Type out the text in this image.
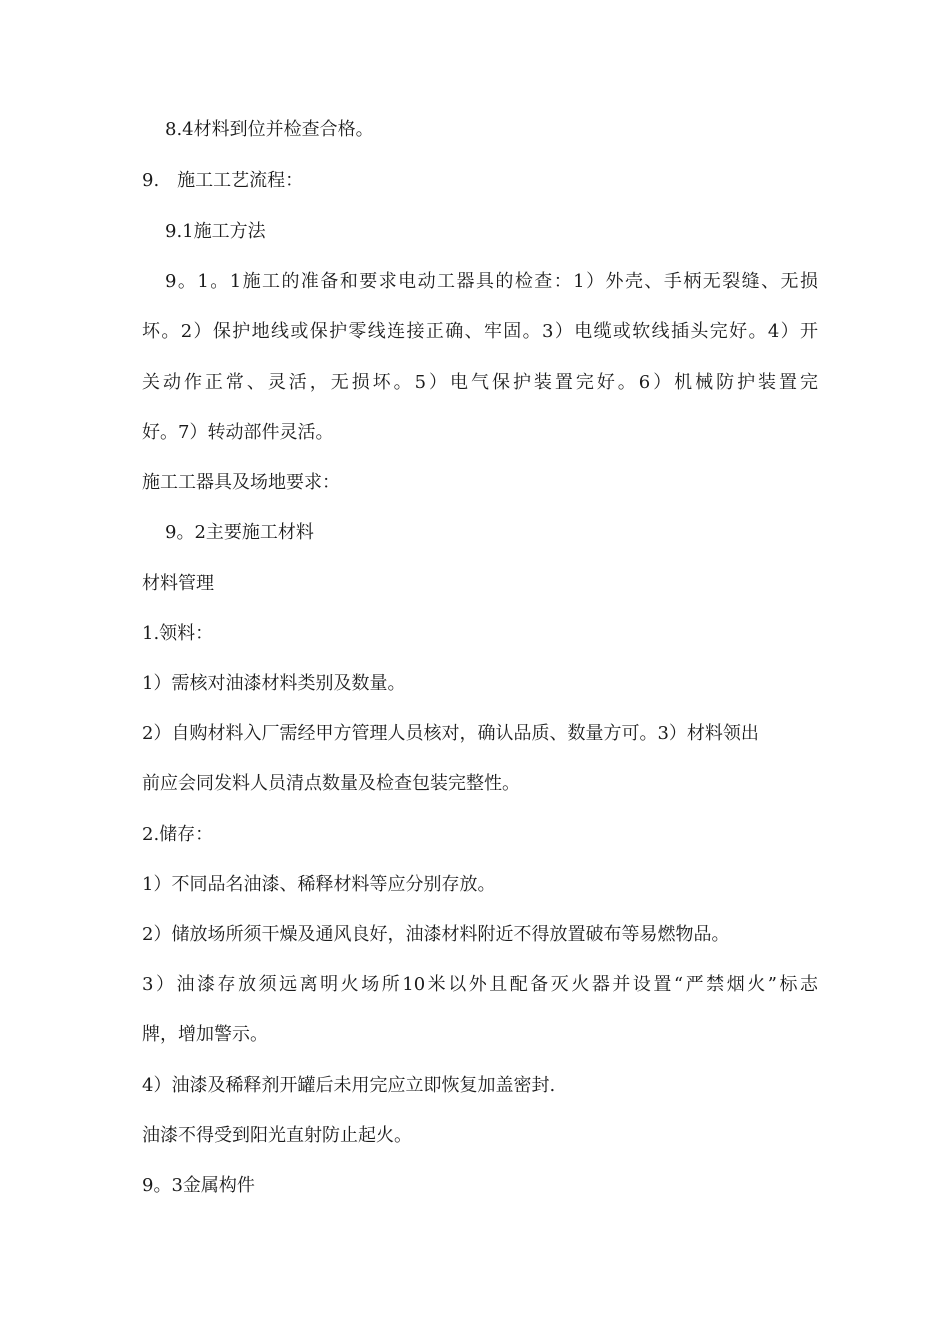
8.4材料到位并检查合格。
9.　施工工艺流程：
9.1施工方法
9。1。1施工的准备和要求电动工器具的检查：1）外壳、手柄无裂缝、无损
坏。2）保护地线或保护零线连接正确、牢固。3）电缆或软线插头完好。4）开
关动作正常、灵活，无损坏。5）电气保护装置完好。6）机械防护装置完
好。7）转动部件灵活。
施工工器具及场地要求：
9。2主要施工材料
材料管理
1.领料：
1）需核对油漆材料类别及数量。
2）自购材料入厂需经甲方管理人员核对，确认品质、数量方可。3）材料领出
前应会同发料人员清点数量及检查包装完整性。
2.储存：
1）不同品名油漆、稀释材料等应分别存放。
2）储放场所须干燥及通风良好，油漆材料附近不得放置破布等易燃物品。
3）油漆存放须远离明火场所10米以外且配备灭火器并设置“严禁烟火”标志
牌，增加警示。
4）油漆及稀释剂开罐后未用完应立即恢复加盖密封.
油漆不得受到阳光直射防止起火。
9。3金属构件
